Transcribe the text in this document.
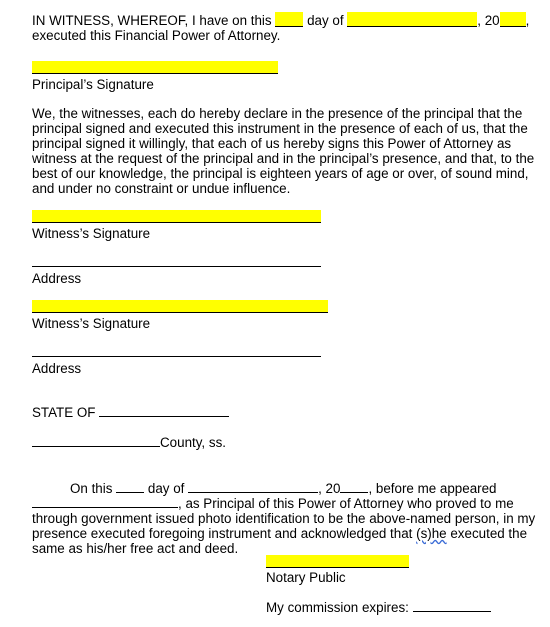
IN WITNESS, WHEREOF, I have on this	day of	, 20 ,
executed this Financial Power of Attorney.
Principal’s Signature
We, the witnesses, each do hereby declare in the presence of the principal that the
principal signed and executed this instrument in the presence of each of us, that the
principal signed it willingly, that each of us hereby signs this Power of Attorney as
witness at the request of the principal and in the principal’s presence, and that, to the
best of our knowledge, the principal is eighteen years of age or over, of sound mind,
and under no constraint or undue influence.
Witness’s Signature
Address
Witness’s Signature
Address
STATE OF
County, ss.
On this	day of	, 20 , before me appeared
, as Principal of this Power of Attorney who proved to me
through government issued photo identification to be the above-named person, in my
presence executed foregoing instrument and acknowledged that (s)he executed the
same as his/her free act and deed.
Notary Public
My commission expires:
